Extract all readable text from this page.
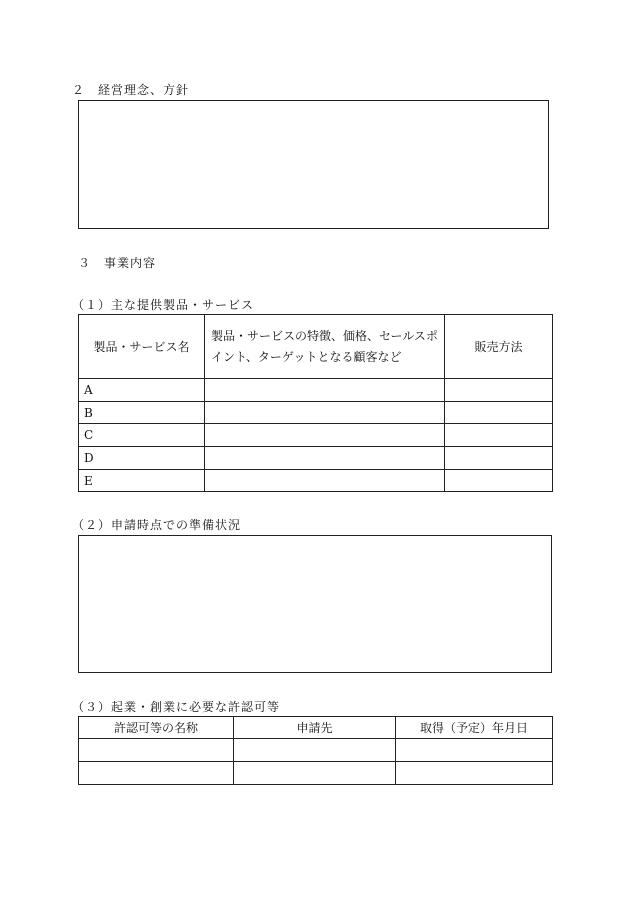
２　経営理念、方針
３　事業内容
（１）主な提供製品・サービス
製品・サービス名	製品・サービスの特徴、価格、セールスポイント、ターゲットとなる顧客など	販売方法
A		
B		
C		
D		
E		
（２）申請時点での準備状況
（３）起業・創業に必要な許認可等
許認可等の名称	申請先	取得（予定）年月日
